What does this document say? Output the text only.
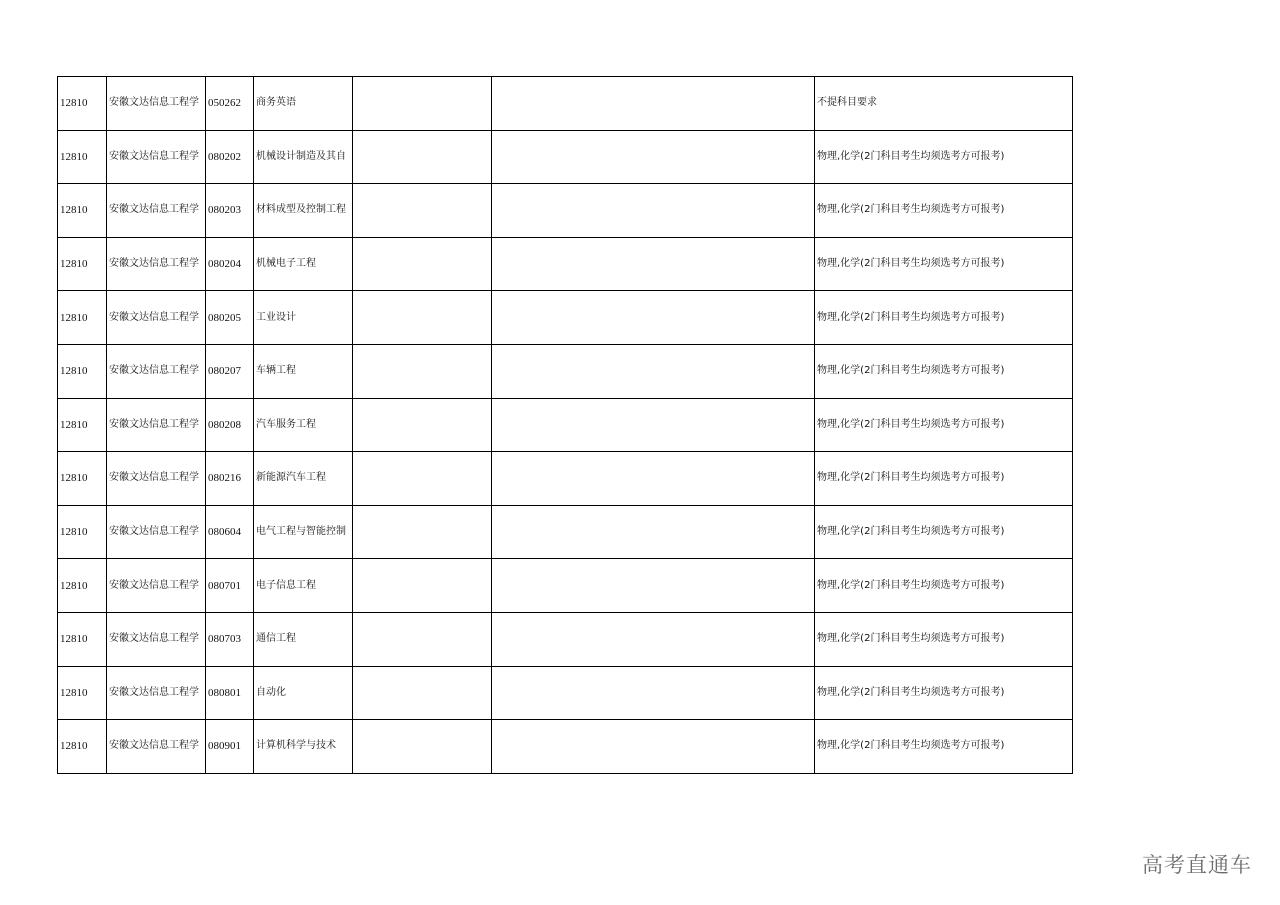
12810	安徽文达信息工程学	050262	商务英语			不提科目要求
12810	安徽文达信息工程学	080202	机械设计制造及其自			物理,化学(2门科目考生均须选考方可报考)
12810	安徽文达信息工程学	080203	材料成型及控制工程			物理,化学(2门科目考生均须选考方可报考)
12810	安徽文达信息工程学	080204	机械电子工程			物理,化学(2门科目考生均须选考方可报考)
12810	安徽文达信息工程学	080205	工业设计			物理,化学(2门科目考生均须选考方可报考)
12810	安徽文达信息工程学	080207	车辆工程			物理,化学(2门科目考生均须选考方可报考)
12810	安徽文达信息工程学	080208	汽车服务工程			物理,化学(2门科目考生均须选考方可报考)
12810	安徽文达信息工程学	080216	新能源汽车工程			物理,化学(2门科目考生均须选考方可报考)
12810	安徽文达信息工程学	080604	电气工程与智能控制			物理,化学(2门科目考生均须选考方可报考)
12810	安徽文达信息工程学	080701	电子信息工程			物理,化学(2门科目考生均须选考方可报考)
12810	安徽文达信息工程学	080703	通信工程			物理,化学(2门科目考生均须选考方可报考)
12810	安徽文达信息工程学	080801	自动化			物理,化学(2门科目考生均须选考方可报考)
12810	安徽文达信息工程学	080901	计算机科学与技术			物理,化学(2门科目考生均须选考方可报考)
高考直通车
